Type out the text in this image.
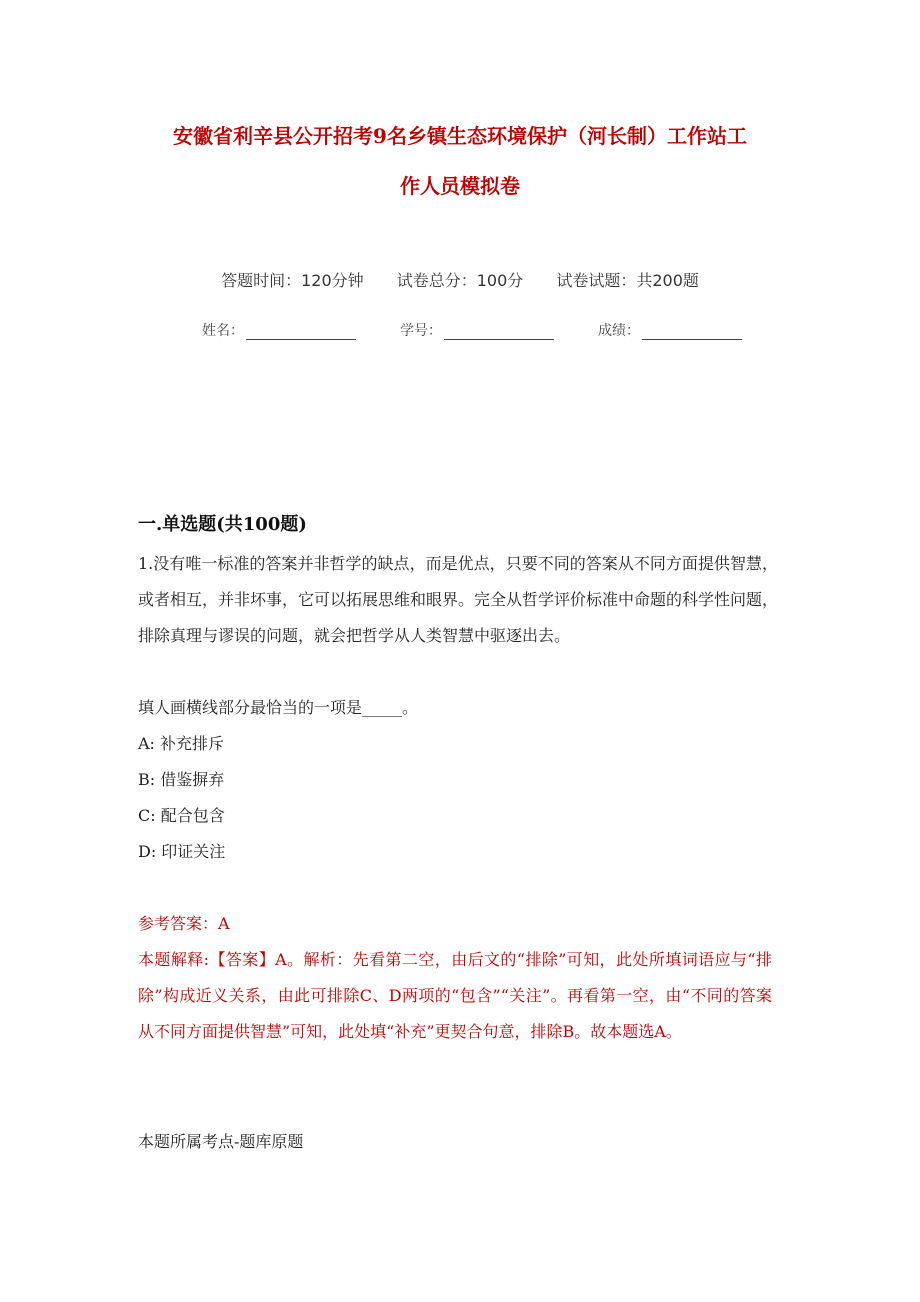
安徽省利辛县公开招考9名乡镇生态环境保护（河长制）工作站工
作人员模拟卷
答题时间：120分钟 试卷总分：100分 试卷试题：共200题
姓名：	学号：	成绩：
一.单选题(共100题)
1.没有唯一标准的答案并非哲学的缺点，而是优点，只要不同的答案从不同方面提供智慧，或者相互，并非坏事，它可以拓展思维和眼界。完全从哲学评价标准中命题的科学性问题，排除真理与谬误的问题，就会把哲学从人类智慧中驱逐出去。
填人画横线部分最恰当的一项是_____。
A: 补充排斥
B: 借鉴摒弃
C: 配合包含
D: 印证关注
参考答案：A
本题解释:【答案】A。解析：先看第二空，由后文的“排除”可知，此处所填词语应与“排除”构成近义关系，由此可排除C、D两项的“包含”“关注”。再看第一空，由“不同的答案从不同方面提供智慧”可知，此处填“补充”更契合句意，排除B。故本题选A。
本题所属考点-题库原题
